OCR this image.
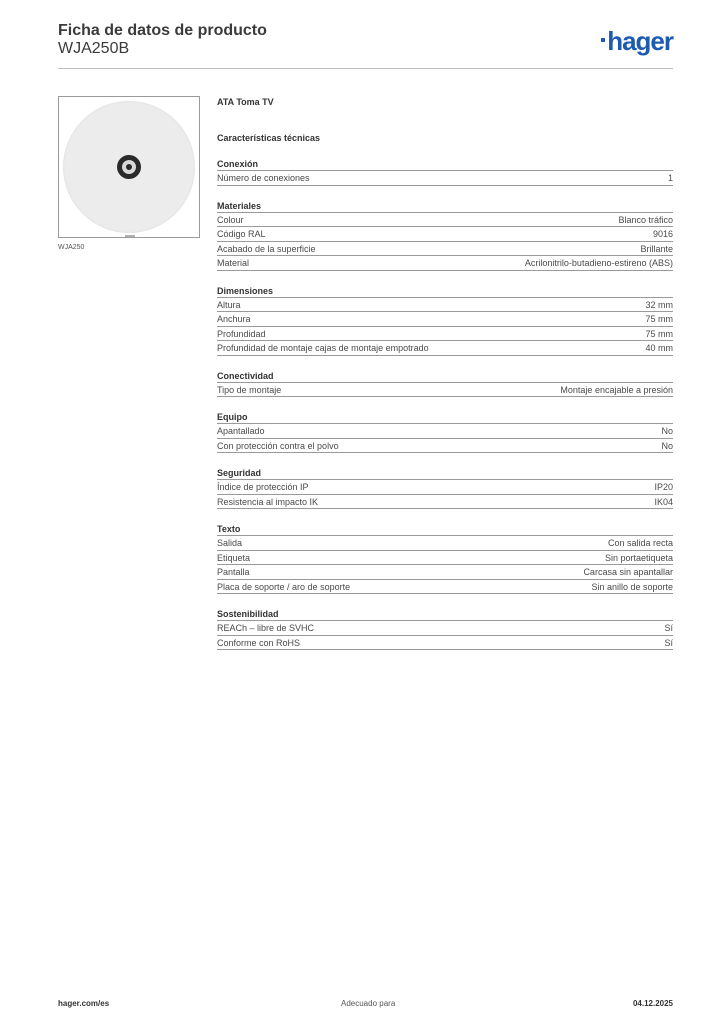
Ficha de datos de producto
WJA250B	hager
WJA250
ATA Toma TV
Características técnicas
Conexión
Número de conexiones	1
Materiales
Colour	Blanco tráfico
Código RAL	9016
Acabado de la superficie	Brillante
Material	Acrilonitrilo-butadieno-estireno (ABS)
Dimensiones
Altura	32 mm
Anchura	75 mm
Profundidad	75 mm
Profundidad de montaje cajas de montaje empotrado	40 mm
Conectividad
Tipo de montaje	Montaje encajable a presión
Equipo
Apantallado	No
Con protección contra el polvo	No
Seguridad
Índice de protección IP	IP20
Resistencia al impacto IK	IK04
Texto
Salida	Con salida recta
Etiqueta	Sin portaetiqueta
Pantalla	Carcasa sin apantallar
Placa de soporte / aro de soporte	Sin anillo de soporte
Sostenibilidad
REACh – libre de SVHC	Sí
Conforme con RoHS	Sí
hager.com/es	Adecuado para	04.12.2025
